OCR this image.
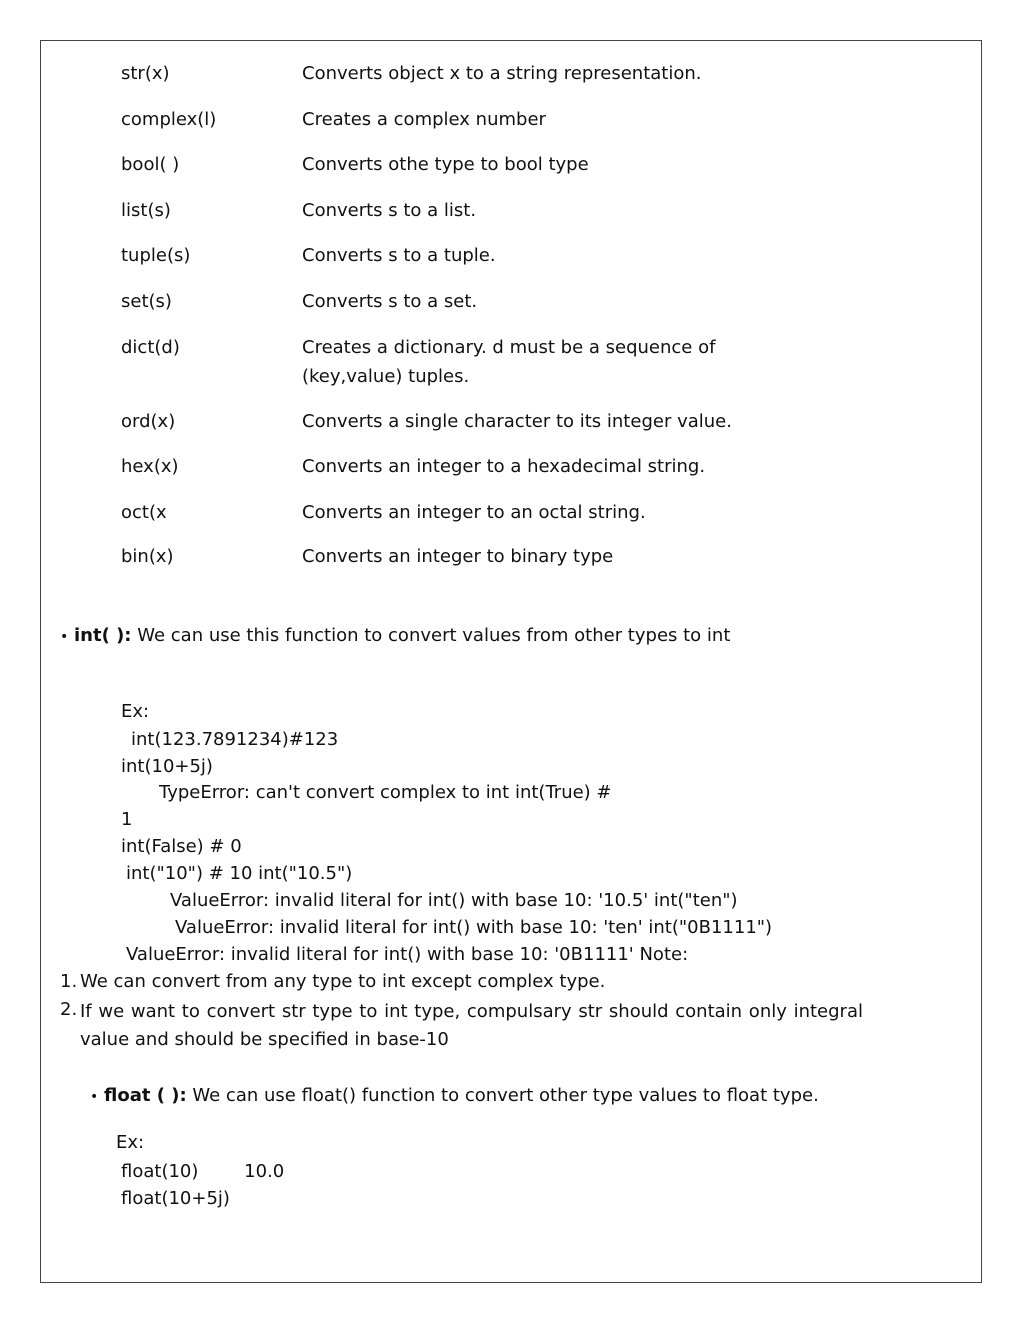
str(x)	Converts object x to a string representation.
complex(l)	Creates a complex number
bool( )	Converts othe type to bool type
list(s)	Converts s to a list.
tuple(s)	Converts s to a tuple.
set(s)	Converts s to a set.
dict(d)	Creates a dictionary. d must be a sequence of
(key,value) tuples.
ord(x)	Converts a single character to its integer value.
hex(x)	Converts an integer to a hexadecimal string.
oct(x	Converts an integer to an octal string.
bin(x)	Converts an integer to binary type
• int( ): We can use this function to convert values from other types to int
Ex:
int(123.7891234)#123
int(10+5j)
TypeError: can't convert complex to int int(True) #
1
int(False) # 0
int("10") # 10 int("10.5")
ValueError: invalid literal for int() with base 10: '10.5' int("ten")
ValueError: invalid literal for int() with base 10: 'ten' int("0B1111")
ValueError: invalid literal for int() with base 10: '0B1111' Note:
1. We can convert from any type to int except complex type.
2. If we want to convert str type to int type, compulsary str should contain only integral value and should be specified in base-10
• float ( ): We can use float() function to convert other type values to float type.
Ex:
float(10)        10.0
float(10+5j)
